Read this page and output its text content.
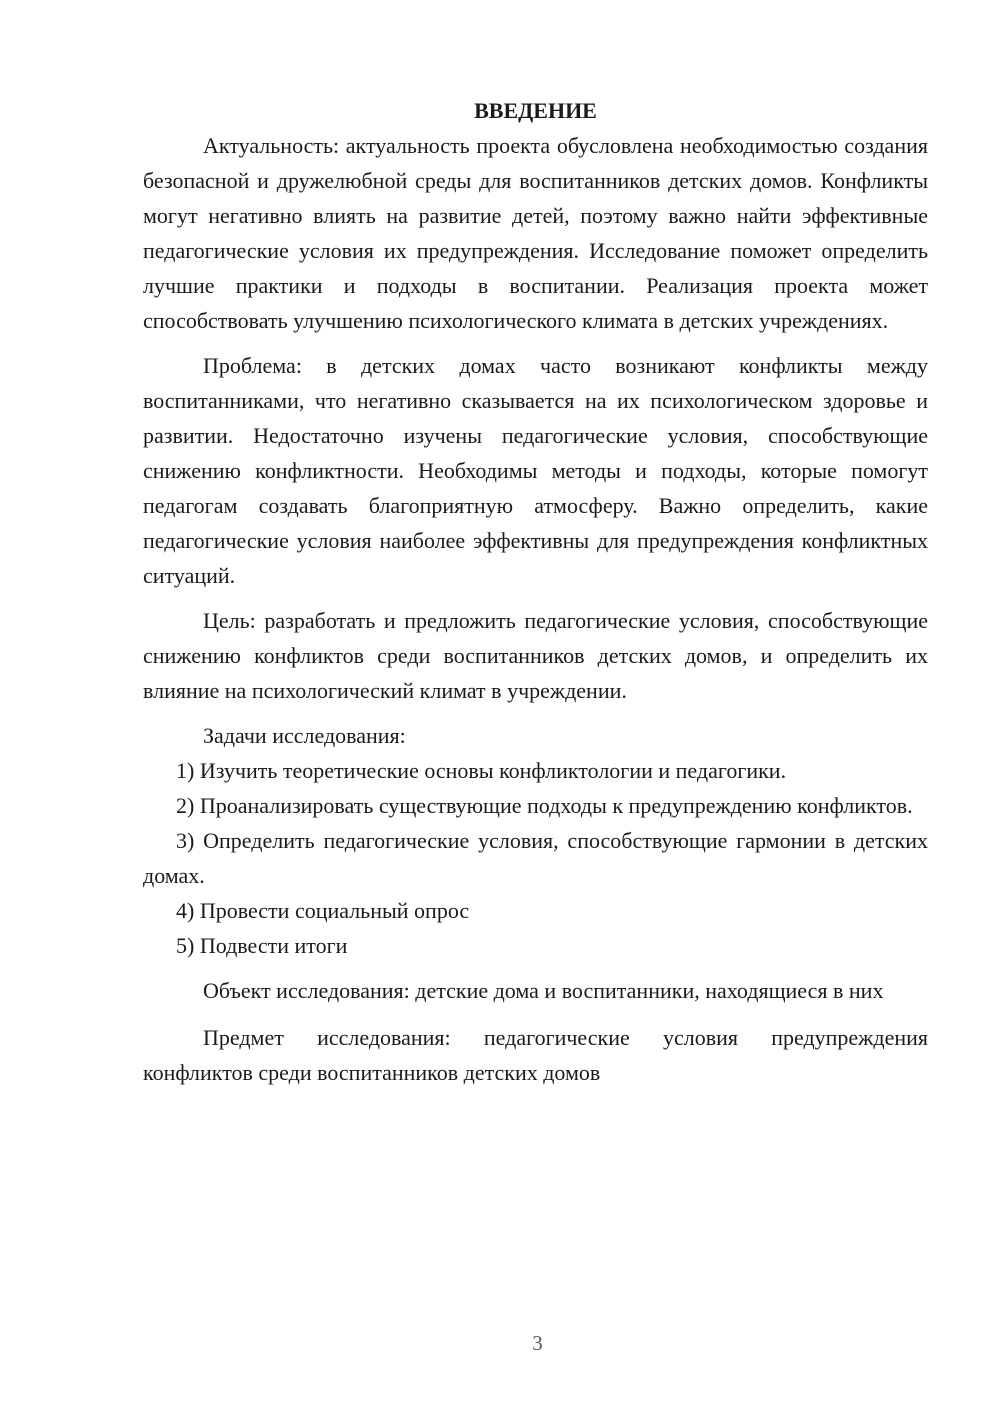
ВВЕДЕНИЕ

Актуальность: актуальность проекта обусловлена необходимостью создания безопасной и дружелюбной среды для воспитанников детских домов. Конфликты могут негативно влиять на развитие детей, поэтому важно найти эффективные педагогические условия их предупреждения. Исследование поможет определить лучшие практики и подходы в воспитании. Реализация проекта может способствовать улучшению психологического климата в детских учреждениях.

Проблема: в детских домах часто возникают конфликты между воспитанниками, что негативно сказывается на их психологическом здоровье и развитии. Недостаточно изучены педагогические условия, способствующие снижению конфликтности. Необходимы методы и подходы, которые помогут педагогам создавать благоприятную атмосферу. Важно определить, какие педагогические условия наиболее эффективны для предупреждения конфликтных ситуаций.

Цель: разработать и предложить педагогические условия, способствующие снижению конфликтов среди воспитанников детских домов, и определить их влияние на психологический климат в учреждении.

Задачи исследования:

1) Изучить теоретические основы конфликтологии и педагогики.

2) Проанализировать существующие подходы к предупреждению конфликтов.

3) Определить педагогические условия, способствующие гармонии в детских домах.

4) Провести социальный опрос

5) Подвести итоги

Объект исследования: детские дома и воспитанники, находящиеся в них

Предмет исследования: педагогические условия предупреждения конфликтов среди воспитанников детских домов

3
